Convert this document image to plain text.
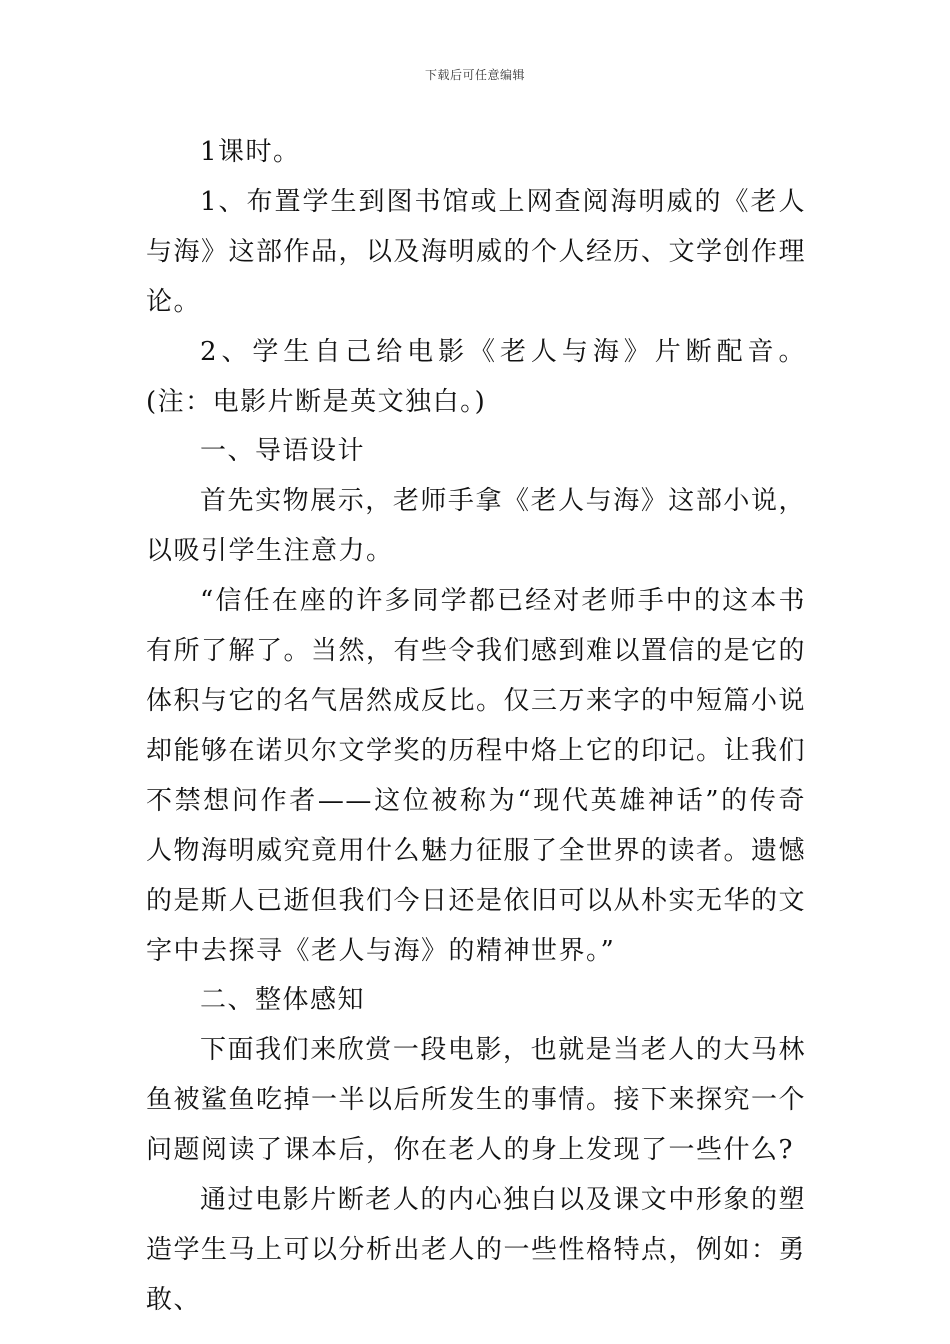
下载后可任意编辑

1课时。

1、布置学生到图书馆或上网查阅海明威的《老人与海》这部作品，以及海明威的个人经历、文学创作理论。

2、学生自己给电影《老人与海》片断配音。(注：电影片断是英文独白。)

一、导语设计

首先实物展示，老师手拿《老人与海》这部小说，以吸引学生注意力。

“信任在座的许多同学都已经对老师手中的这本书有所了解了。当然，有些令我们感到难以置信的是它的体积与它的名气居然成反比。仅三万来字的中短篇小说却能够在诺贝尔文学奖的历程中烙上它的印记。让我们不禁想问作者——这位被称为“现代英雄神话”的传奇人物海明威究竟用什么魅力征服了全世界的读者。遗憾的是斯人已逝但我们今日还是依旧可以从朴实无华的文字中去探寻《老人与海》的精神世界。”

二、整体感知

下面我们来欣赏一段电影，也就是当老人的大马林鱼被鲨鱼吃掉一半以后所发生的事情。接下来探究一个问题阅读了课本后，你在老人的身上发现了一些什么?

通过电影片断老人的内心独白以及课文中形象的塑造学生马上可以分析出老人的一些性格特点，例如：勇敢、
